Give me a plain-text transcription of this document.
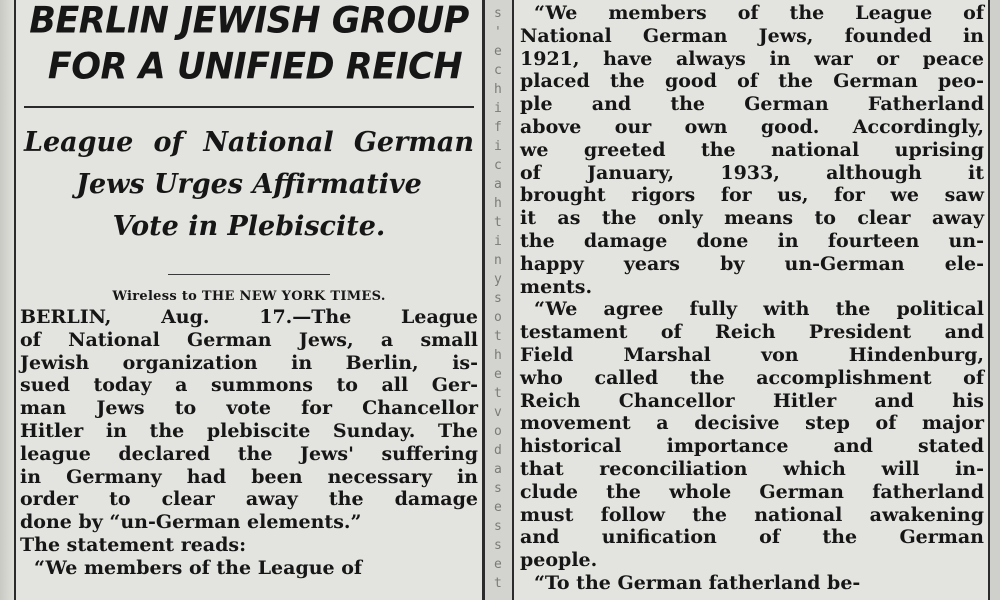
BERLIN JEWISH GROUP
FOR A UNIFIED REICH
League of National German
Jews Urges Affirmative
Vote in Plebiscite.

Wireless to THE NEW YORK TIMES.

BERLIN, Aug. 17.—The League
of National German Jews, a small
Jewish organization in Berlin, is-
sued today a summons to all Ger-
man Jews to vote for Chancellor
Hitler in the plebiscite Sunday. The
league declared the Jews' suffering
in Germany had been necessary in
order to clear away the damage
done by “un-German elements.”
The statement reads:
“We members of the League of
s
'
e
c
h
i
f
i
c
a
h
t
i
n
y
s
o
t
h
e
t
v
o
d
a
s
e
s
s
e
t
“We members of the League of
National German Jews, founded in
1921, have always in war or peace
placed the good of the German peo-
ple and the German Fatherland
above our own good. Accordingly,
we greeted the national uprising
of January, 1933, although it
brought rigors for us, for we saw
it as the only means to clear away
the damage done in fourteen un-
happy years by un-German ele-
ments.
“We agree fully with the political
testament of Reich President and
Field Marshal von Hindenburg,
who called the accomplishment of
Reich Chancellor Hitler and his
movement a decisive step of major
historical importance and stated
that reconciliation which will in-
clude the whole German fatherland
must follow the national awakening
and unification of the German
people.
“To the German fatherland be-
